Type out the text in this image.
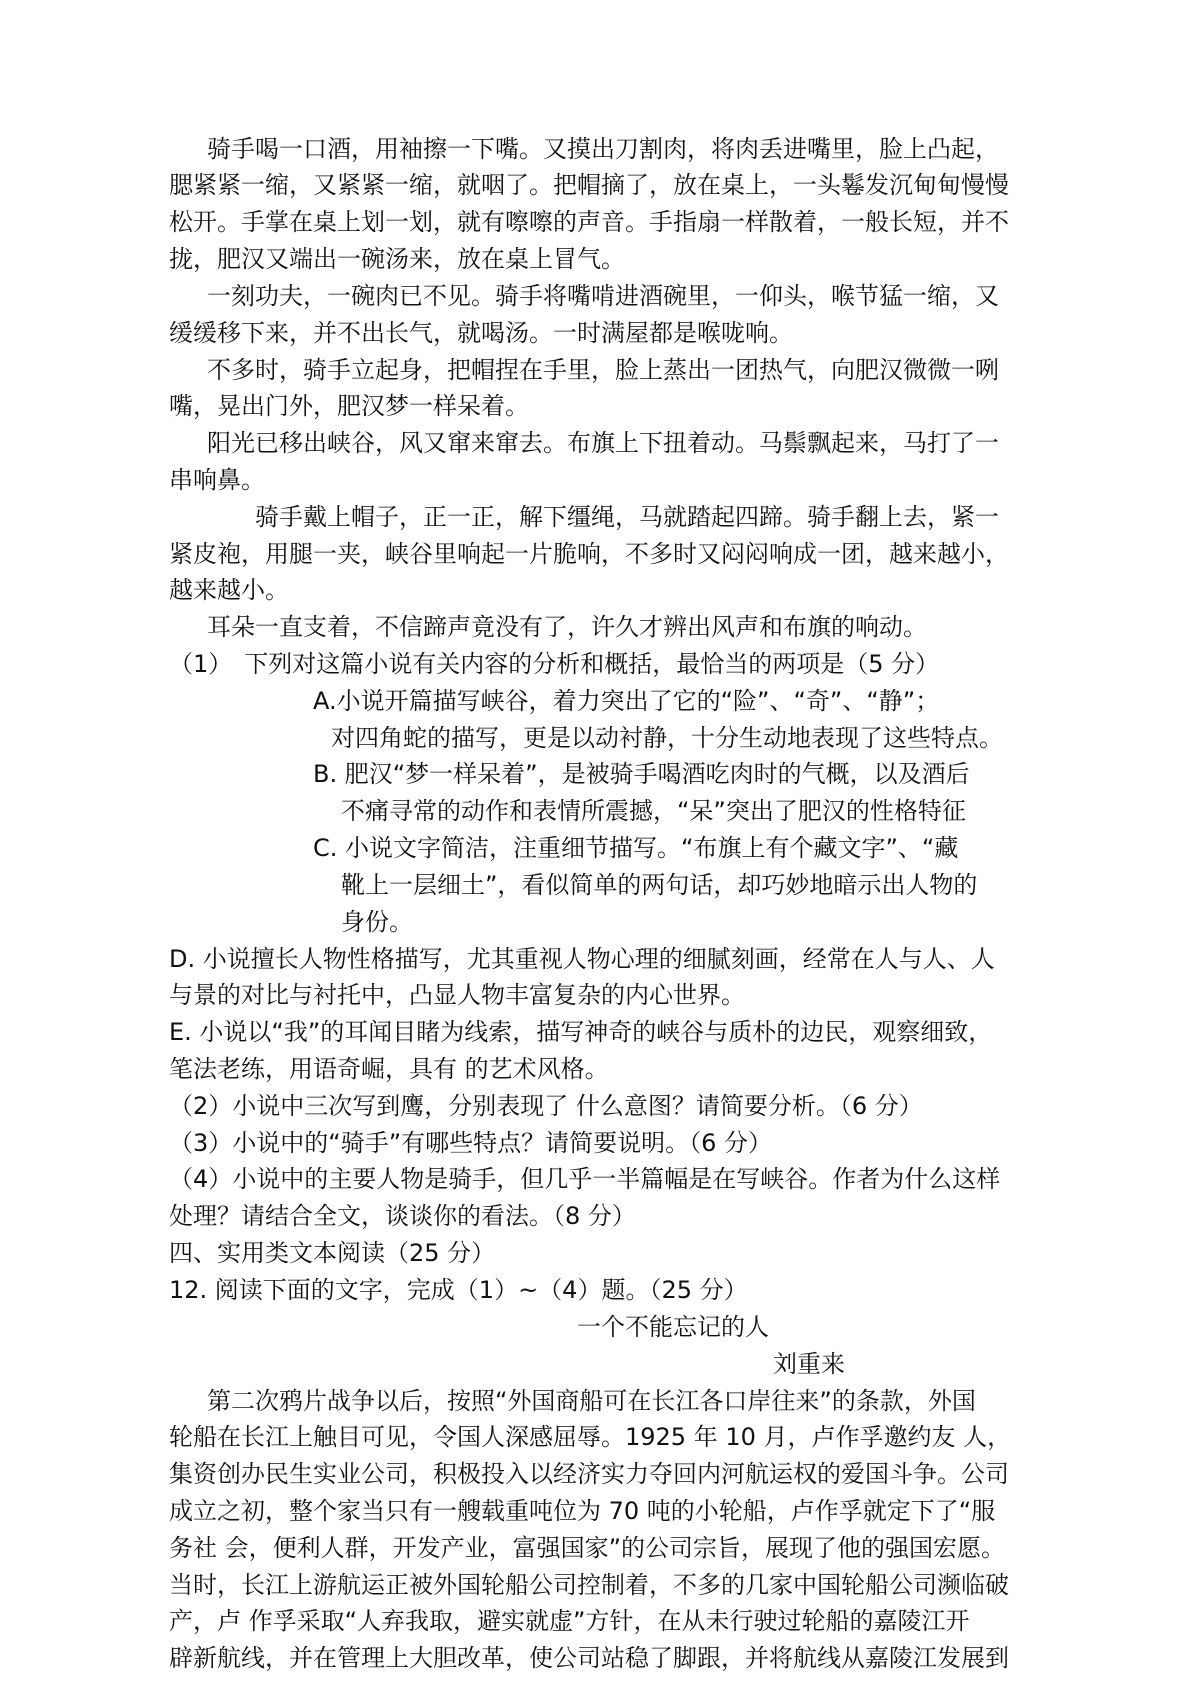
骑手喝一口酒，用袖擦一下嘴。又摸出刀割肉，将肉丢进嘴里，脸上凸起，
腮紧紧一缩，又紧紧一缩，就咽了。把帽摘了，放在桌上，一头鬈发沉甸甸慢慢
松开。手掌在桌上划一划，就有嚓嚓的声音。手指扇一样散着，一般长短，并不
拢，肥汉又端出一碗汤来，放在桌上冒气。
一刻功夫，一碗肉已不见。骑手将嘴啃进酒碗里，一仰头，喉节猛一缩，又
缓缓移下来，并不出长气，就喝汤。一时满屋都是喉咙响。
不多时，骑手立起身，把帽捏在手里，脸上蒸出一团热气，向肥汉微微一咧
嘴，晃出门外，肥汉梦一样呆着。
阳光已移出峡谷，风又窜来窜去。布旗上下扭着动。马鬃飘起来，马打了一
串响鼻。
骑手戴上帽子，正一正，解下缰绳，马就踏起四蹄。骑手翻上去，紧一
紧皮袍，用腿一夹，峡谷里响起一片脆响，不多时又闷闷响成一团，越来越小，
越来越小。
耳朵一直支着，不信蹄声竟没有了，许久才辨出风声和布旗的响动。
（1）　下列对这篇小说有关内容的分析和概括，最恰当的两项是（5 分）
A.小说开篇描写峡谷，着力突出了它的“险”、“奇”、“静”；
对四角蛇的描写，更是以动衬静，十分生动地表现了这些特点。
B. 肥汉“梦一样呆着”，是被骑手喝酒吃肉时的气概，以及酒后
不痛寻常的动作和表情所震撼，“呆”突出了肥汉的性格特征
C. 小说文字简洁，注重细节描写。“布旗上有个藏文字”、“藏
靴上一层细土”，看似简单的两句话，却巧妙地暗示出人物的
身份。
D. 小说擅长人物性格描写，尤其重视人物心理的细腻刻画，经常在人与人、人
与景的对比与衬托中，凸显人物丰富复杂的内心世界。
E. 小说以“我”的耳闻目睹为线索，描写神奇的峡谷与质朴的边民，观察细致，
笔法老练，用语奇崛，具有 的艺术风格。
（2）小说中三次写到鹰，分别表现了 什么意图？请简要分析。（6 分）
（3）小说中的“骑手”有哪些特点？请简要说明。（6 分）
（4）小说中的主要人物是骑手，但几乎一半篇幅是在写峡谷。作者为什么这样
处理？请结合全文，谈谈你的看法。（8 分）
四、实用类文本阅读（25 分）
12. 阅读下面的文字，完成（1）~（4）题。（25 分）
一个不能忘记的人
刘重来
第二次鸦片战争以后，按照“外国商船可在长江各口岸往来”的条款，外国
轮船在长江上触目可见，令国人深感屈辱。1925 年 10 月，卢作孚邀约友 人，
集资创办民生实业公司，积极投入以经济实力夺回内河航运权的爱国斗争。公司
成立之初，整个家当只有一艘载重吨位为 70 吨的小轮船，卢作孚就定下了“服
务社 会，便利人群，开发产业，富强国家”的公司宗旨，展现了他的强国宏愿。
当时，长江上游航运正被外国轮船公司控制着，不多的几家中国轮船公司濒临破
产，卢 作孚采取“人弃我取，避实就虚”方针，在从未行驶过轮船的嘉陵江开
辟新航线，并在管理上大胆改革，使公司站稳了脚跟，并将航线从嘉陵江发展到
